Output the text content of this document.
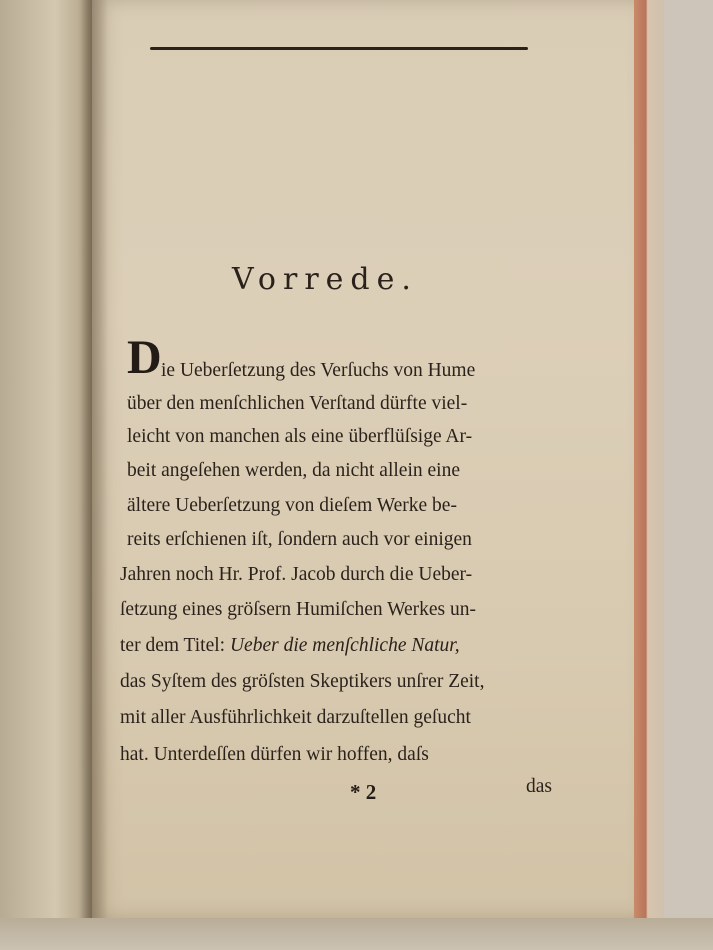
Vorrede.
D ie Ueberſetzung des Verſuchs von Hume
über den menſchlichen Verſtand dürfte viel-
leicht von manchen als eine überflüſsige Ar-
beit angeſehen werden, da nicht allein eine
ältere Ueberſetzung von dieſem Werke be-
reits erſchienen iſt, ſondern auch vor einigen
Jahren noch Hr. Prof. Jacob durch die Ueber-
ſetzung eines gröſsern Humiſchen Werkes un-
ter dem Titel: Ueber die menſchliche Natur,
das Syſtem des gröſsten Skeptikers unſrer Zeit,
mit aller Ausführlichkeit darzuſtellen geſucht
hat. Unterdeſſen dürfen wir hoffen, daſs
* 2	das
